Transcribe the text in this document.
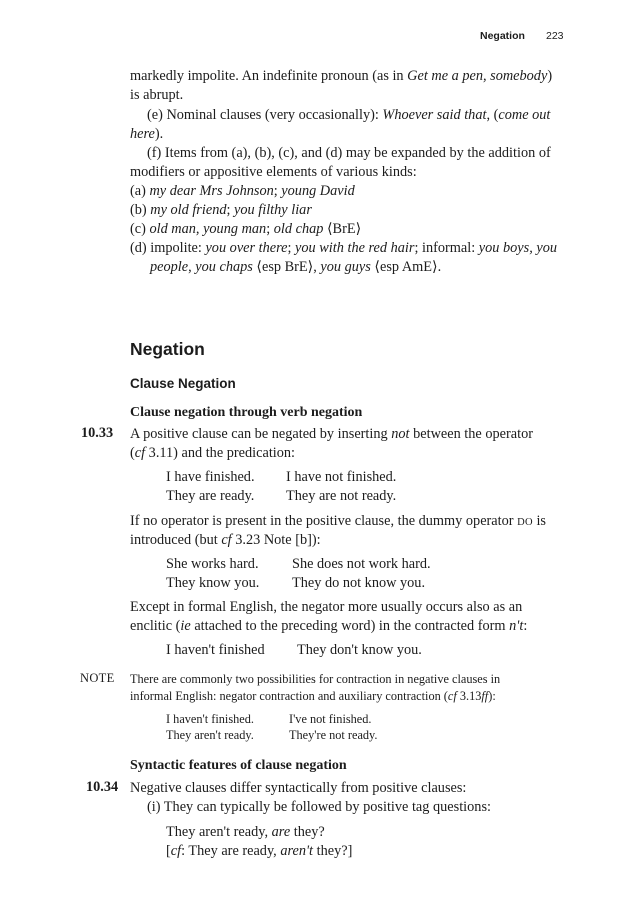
Negation 223
markedly impolite. An indefinite pronoun (as in Get me a pen, somebody)
is abrupt.
(e) Nominal clauses (very occasionally): Whoever said that, (come out
here).
(f) Items from (a), (b), (c), and (d) may be expanded by the addition of
modifiers or appositive elements of various kinds:
(a) my dear Mrs Johnson; young David
(b) my old friend; you filthy liar
(c) old man, young man; old chap ⟨BrE⟩
(d) impolite: you over there; you with the red hair; informal: you boys, you
people, you chaps ⟨esp BrE⟩, you guys ⟨esp AmE⟩.
Negation
Clause Negation
Clause negation through verb negation
10.33 A positive clause can be negated by inserting not between the operator
(cf 3.11) and the predication:
I have finished. I have not finished.
They are ready. They are not ready.
If no operator is present in the positive clause, the dummy operator DO is
introduced (but cf 3.23 Note [b]):
She works hard. She does not work hard.
They know you. They do not know you.
Except in formal English, the negator more usually occurs also as an
enclitic (ie attached to the preceding word) in the contracted form n't:
I haven't finished They don't know you.
NOTE There are commonly two possibilities for contraction in negative clauses in
informal English: negator contraction and auxiliary contraction (cf 3.13ff):
I haven't finished.	I've not finished.
They aren't ready.	They're not ready.
Syntactic features of clause negation
10.34 Negative clauses differ syntactically from positive clauses:
(i) They can typically be followed by positive tag questions:
They aren't ready, are they?
[cf: They are ready, aren't they?]
